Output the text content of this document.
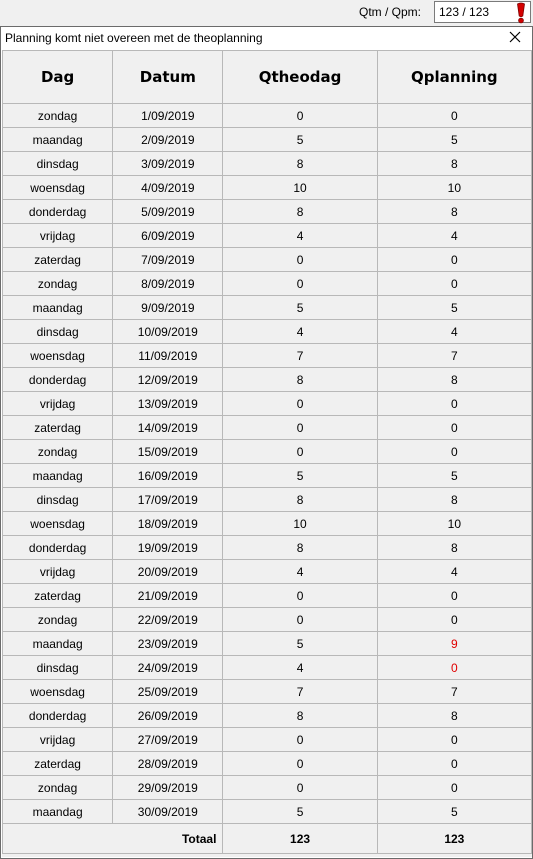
Qtm / Qpm:
123 / 123
Planning komt niet overeen met de theoplanning
Dag	Datum	Qtheodag	Qplanning
zondag	1/09/2019	0	0
maandag	2/09/2019	5	5
dinsdag	3/09/2019	8	8
woensdag	4/09/2019	10	10
donderdag	5/09/2019	8	8
vrijdag	6/09/2019	4	4
zaterdag	7/09/2019	0	0
zondag	8/09/2019	0	0
maandag	9/09/2019	5	5
dinsdag	10/09/2019	4	4
woensdag	11/09/2019	7	7
donderdag	12/09/2019	8	8
vrijdag	13/09/2019	0	0
zaterdag	14/09/2019	0	0
zondag	15/09/2019	0	0
maandag	16/09/2019	5	5
dinsdag	17/09/2019	8	8
woensdag	18/09/2019	10	10
donderdag	19/09/2019	8	8
vrijdag	20/09/2019	4	4
zaterdag	21/09/2019	0	0
zondag	22/09/2019	0	0
maandag	23/09/2019	5	9
dinsdag	24/09/2019	4	0
woensdag	25/09/2019	7	7
donderdag	26/09/2019	8	8
vrijdag	27/09/2019	0	0
zaterdag	28/09/2019	0	0
zondag	29/09/2019	0	0
maandag	30/09/2019	5	5
Totaal		123	123
